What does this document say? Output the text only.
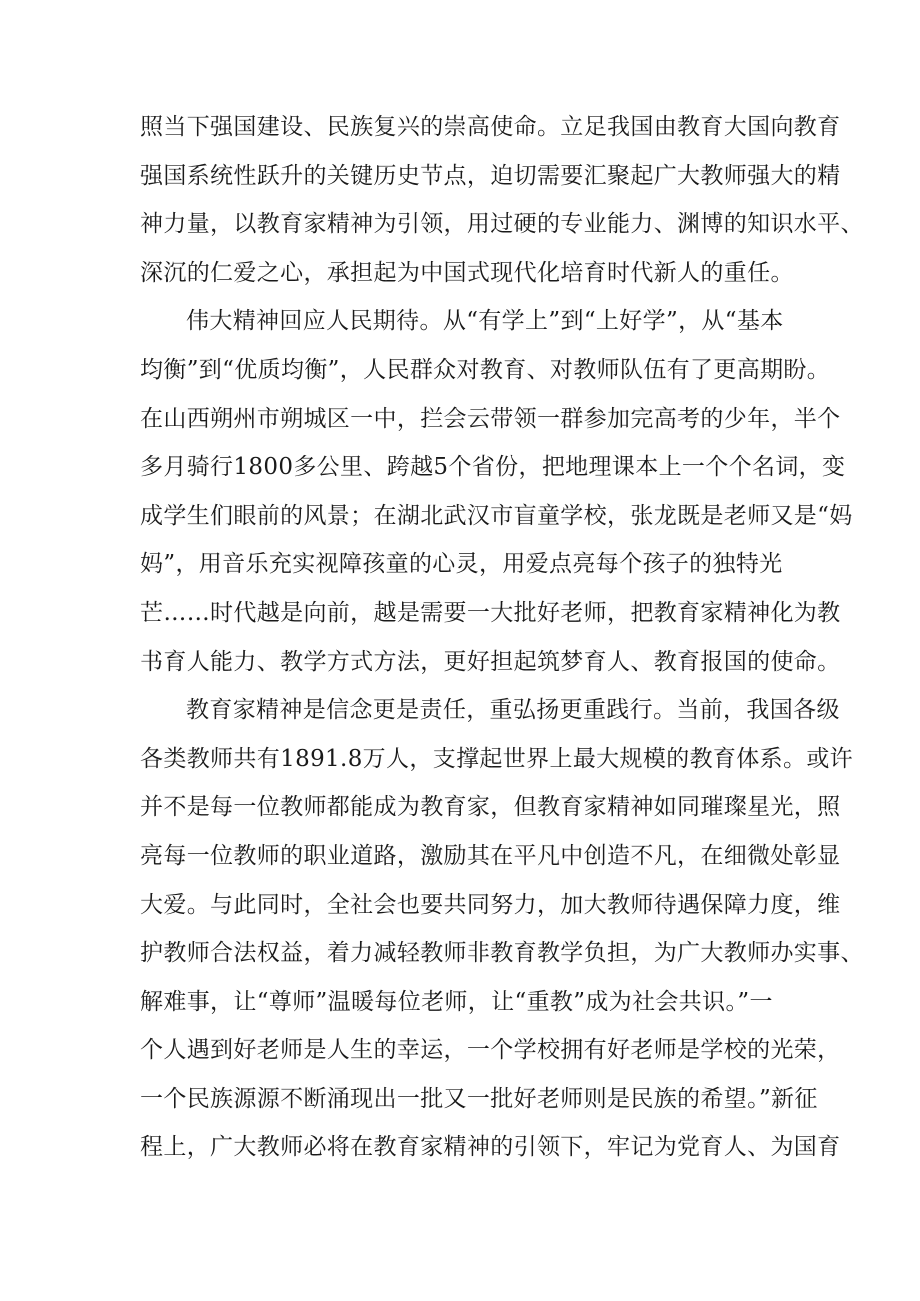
照当下强国建设、民族复兴的崇高使命。立足我国由教育大国向教育
强国系统性跃升的关键历史节点，迫切需要汇聚起广大教师强大的精
神力量，以教育家精神为引领，用过硬的专业能力、渊博的知识水平、
深沉的仁爱之心，承担起为中国式现代化培育时代新人的重任。
伟大精神回应人民期待。从“有学上”到“上好学”，从“基本
均衡”到“优质均衡”，人民群众对教育、对教师队伍有了更高期盼。
在山西朔州市朔城区一中，拦会云带领一群参加完高考的少年，半个
多月骑行1800多公里、跨越5个省份，把地理课本上一个个名词，变
成学生们眼前的风景；在湖北武汉市盲童学校，张龙既是老师又是“妈
妈”，用音乐充实视障孩童的心灵，用爱点亮每个孩子的独特光
芒……时代越是向前，越是需要一大批好老师，把教育家精神化为教
书育人能力、教学方式方法，更好担起筑梦育人、教育报国的使命。
教育家精神是信念更是责任，重弘扬更重践行。当前，我国各级
各类教师共有1891.8万人，支撑起世界上最大规模的教育体系。或许
并不是每一位教师都能成为教育家，但教育家精神如同璀璨星光，照
亮每一位教师的职业道路，激励其在平凡中创造不凡，在细微处彰显
大爱。与此同时，全社会也要共同努力，加大教师待遇保障力度，维
护教师合法权益，着力减轻教师非教育教学负担，为广大教师办实事、
解难事，让“尊师”温暖每位老师，让“重教”成为社会共识。”一
个人遇到好老师是人生的幸运，一个学校拥有好老师是学校的光荣，
一个民族源源不断涌现出一批又一批好老师则是民族的希望。”新征
程上，广大教师必将在教育家精神的引领下，牢记为党育人、为国育
